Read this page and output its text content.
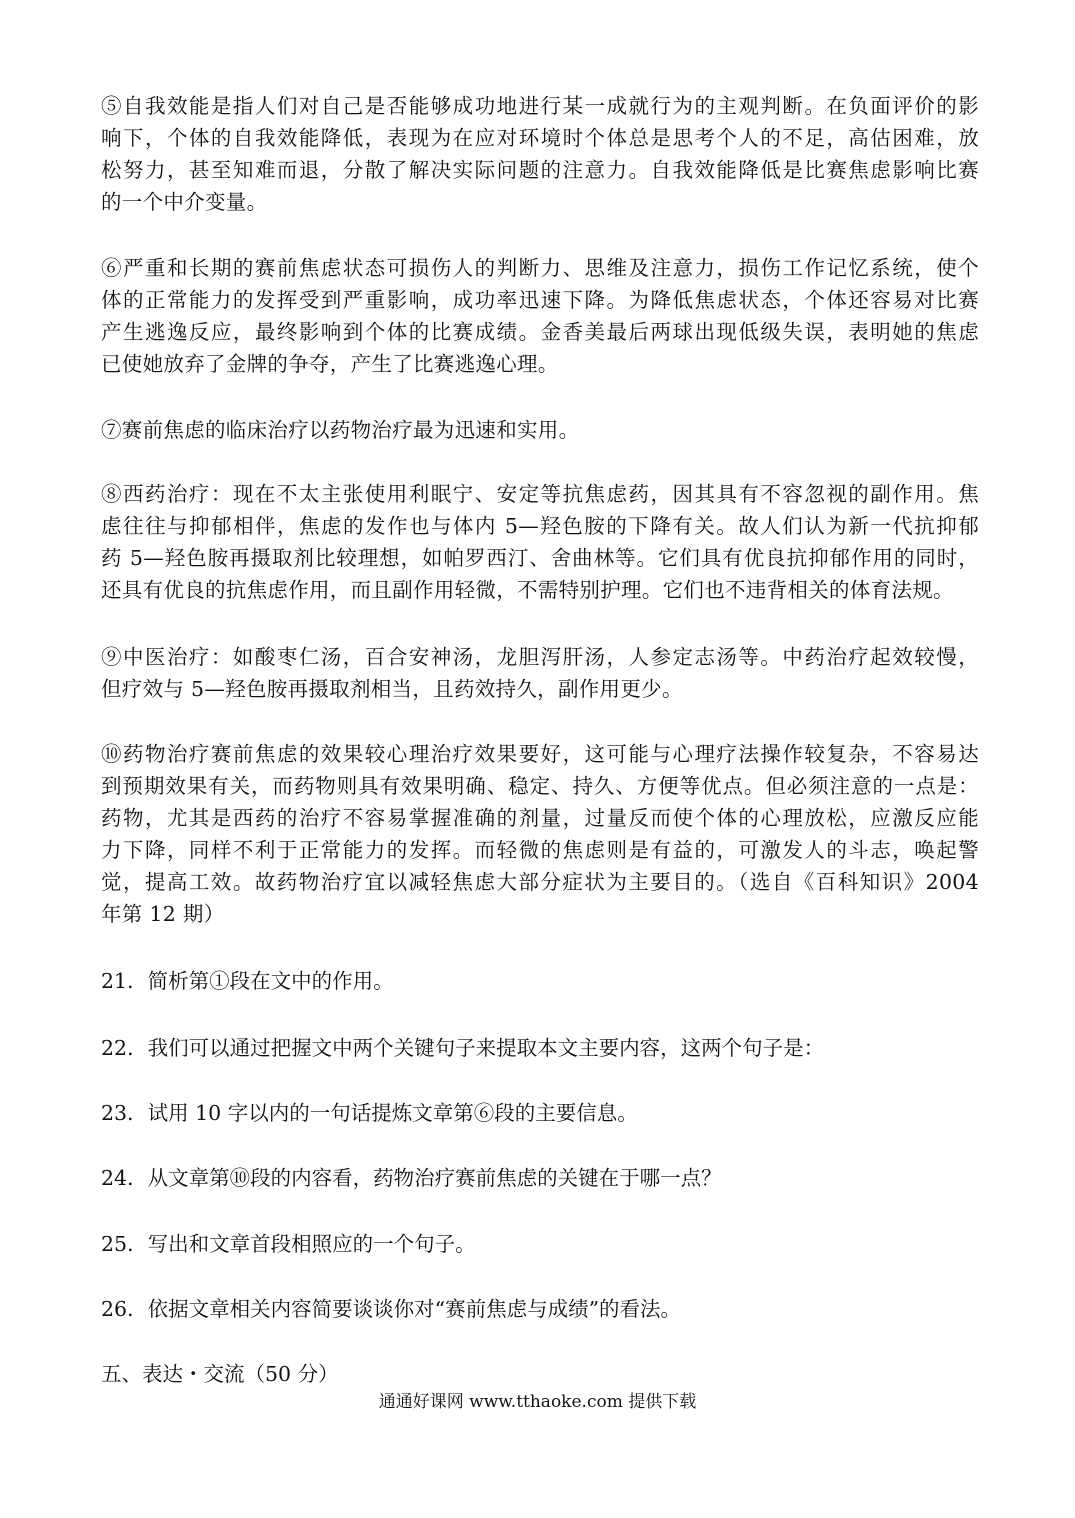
⑤自我效能是指人们对自己是否能够成功地进行某一成就行为的主观判断。在负面评价的影
响下，个体的自我效能降低，表现为在应对环境时个体总是思考个人的不足，高估困难，放
松努力，甚至知难而退，分散了解决实际问题的注意力。自我效能降低是比赛焦虑影响比赛
的一个中介变量。
⑥严重和长期的赛前焦虑状态可损伤人的判断力、思维及注意力，损伤工作记忆系统，使个
体的正常能力的发挥受到严重影响，成功率迅速下降。为降低焦虑状态，个体还容易对比赛
产生逃逸反应，最终影响到个体的比赛成绩。金香美最后两球出现低级失误，表明她的焦虑
已使她放弃了金牌的争夺，产生了比赛逃逸心理。
⑦赛前焦虑的临床治疗以药物治疗最为迅速和实用。
⑧西药治疗：现在不太主张使用利眠宁、安定等抗焦虑药，因其具有不容忽视的副作用。焦
虑往往与抑郁相伴，焦虑的发作也与体内 5—羟色胺的下降有关。故人们认为新一代抗抑郁
药 5—羟色胺再摄取剂比较理想，如帕罗西汀、舍曲林等。它们具有优良抗抑郁作用的同时，
还具有优良的抗焦虑作用，而且副作用轻微，不需特别护理。它们也不违背相关的体育法规。
⑨中医治疗：如酸枣仁汤，百合安神汤，龙胆泻肝汤，人参定志汤等。中药治疗起效较慢，
但疗效与 5—羟色胺再摄取剂相当，且药效持久，副作用更少。
⑩药物治疗赛前焦虑的效果较心理治疗效果要好，这可能与心理疗法操作较复杂，不容易达
到预期效果有关，而药物则具有效果明确、稳定、持久、方便等优点。但必须注意的一点是：
药物，尤其是西药的治疗不容易掌握准确的剂量，过量反而使个体的心理放松，应激反应能
力下降，同样不利于正常能力的发挥。而轻微的焦虑则是有益的，可激发人的斗志，唤起警
觉，提高工效。故药物治疗宜以减轻焦虑大部分症状为主要目的。（选自《百科知识》2004
年第 12 期）

21．简析第①段在文中的作用。

22．我们可以通过把握文中两个关键句子来提取本文主要内容，这两个句子是：

23．试用 10 字以内的一句话提炼文章第⑥段的主要信息。

24．从文章第⑩段的内容看，药物治疗赛前焦虑的关键在于哪一点？

25．写出和文章首段相照应的一个句子。

26．依据文章相关内容简要谈谈你对“赛前焦虑与成绩”的看法。

五、表达・交流（50 分）

通通好课网 www.tthaoke.com 提供下载
